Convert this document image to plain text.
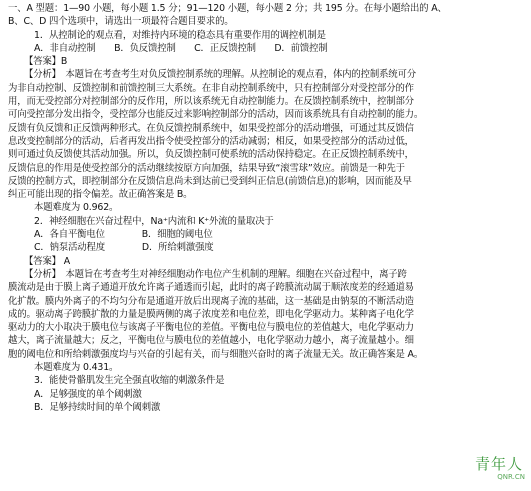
一、A 型题：1—90 小题，每小题 1.5 分；91—120 小题，每小题 2 分；共 195 分。在每小题给出的 A、
B、C、D 四个选项中，请选出一项最符合题目要求的。
1．从控制论的观点看，对维持内环境的稳态具有重要作用的调控机制是
A．非自动控制　　B．负反馈控制　　C．正反馈控制　　D．前馈控制
【答案】B
【分析】　本题旨在考查考生对负反馈控制系统的理解。从控制论的观点看，体内的控制系统可分
为非自动控制、反馈控制和前馈控制三大系统。在非自动控制系统中，只有控制部分对受控部分的作
用，而无受控部分对控制部分的反作用，所以该系统无自动控制能力。在反馈控制系统中，控制部分
可向受控部分发出指令，受控部分也能反过来影响控制部分的活动，因而该系统具有自动控制的能力。
反馈有负反馈和正反馈两种形式。在负反馈控制系统中，如果受控部分的活动增强，可通过其反馈信
息改变控制部分的活动，后者再发出指令使受控部分的活动减弱；相反，如果受控部分的活动过低，
则可通过负反馈使其活动加强。所以，负反馈控制可使系统的活动保持稳定。在正反馈控制系统中，
反馈信息的作用是使受控部分的活动继续按原方向加强，结果导致“滚雪球”效应。前馈是一种先于
反馈的控制方式，即控制部分在反馈信息尚未到达前已受到纠正信息(前馈信息)的影响，因而能及早
纠正可能出现的指令偏差。故正确答案是 B。
本题难度为 0.962。
2．神经细胞在兴奋过程中，Na⁺内流和 K⁺外流的量取决于
A．各自平衡电位　　　　B．细胞的阈电位
C．钠泵活动程度　　　　D．所给刺激强度
【答案】 A
【分析】　本题旨在考查考生对神经细胞动作电位产生机制的理解。细胞在兴奋过程中，离子跨
膜流动是由于膜上离子通道开放允许离子通透而引起，此时的离子跨膜流动属于顺浓度差的经通道易
化扩散。膜内外离子的不均匀分布是通道开放后出现离子流的基础，这一基础是由钠泵的不断活动造
成的。驱动离子跨膜扩散的力量是膜两侧的离子浓度差和电位差，即电化学驱动力。某种离子电化学
驱动力的大小取决于膜电位与该离子平衡电位的差值。平衡电位与膜电位的差值越大，电化学驱动力
越大，离子流量越大；反之，平衡电位与膜电位的差值越小，电化学驱动力越小，离子流量越小。细
胞的阈电位和所给刺激强度均与兴奋的引起有关，而与细胞兴奋时的离子流量无关。故正确答案是 A。
本题难度为 0.431。
3．能使骨骼肌发生完全强直收缩的刺激条件是
A．足够强度的单个阈刺激
B．足够持续时间的单个阈刺激
青年人
QNR.CN
